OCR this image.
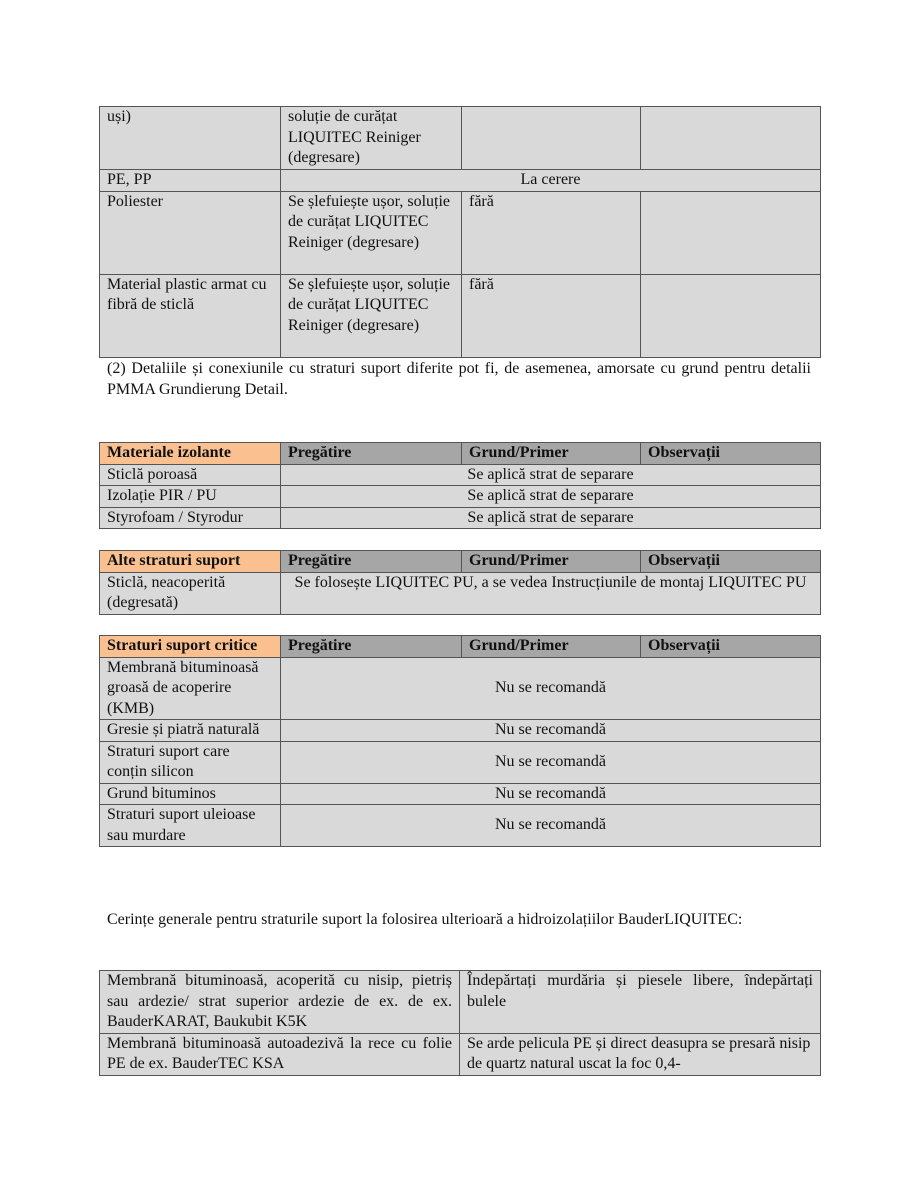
uși)	soluție de curățat LIQUITEC Reiniger (degresare)		
PE, PP	La cerere		
Poliester	Se șlefuiește ușor, soluție de curățat LIQUITEC Reiniger (degresare)	fără	
Material plastic armat cu fibră de sticlă	Se șlefuiește ușor, soluție de curățat LIQUITEC Reiniger (degresare)	fără	
(2) Detaliile și conexiunile cu straturi suport diferite pot fi, de asemenea, amorsate cu grund pentru detalii PMMA Grundierung Detail.
Materiale izolante	Pregătire	Grund/Primer	Observații
Sticlă poroasă	Se aplică strat de separare		
Izolație PIR / PU	Se aplică strat de separare		
Styrofoam / Styrodur	Se aplică strat de separare		
Alte straturi suport	Pregătire	Grund/Primer	Observații
Sticlă, neacoperită (degresată)	Se folosește LIQUITEC PU, a se vedea Instrucțiunile de montaj LIQUITEC PU		
Straturi suport critice	Pregătire	Grund/Primer	Observații
Membrană bituminoasă groasă de acoperire (KMB)	Nu se recomandă		
Gresie și piatră naturală	Nu se recomandă		
Straturi suport care conțin silicon	Nu se recomandă		
Grund bituminos	Nu se recomandă		
Straturi suport uleioase sau murdare	Nu se recomandă		
Cerințe generale pentru straturile suport la folosirea ulterioară a hidroizolațiilor BauderLIQUITEC:
Membrană bituminoasă, acoperită cu nisip, pietriș sau ardezie/ strat superior ardezie de ex. de ex. BauderKARAT, Baukubit K5K	Îndepărtați murdăria și piesele libere, îndepărtați bulele
Membrană bituminoasă autoadezivă la rece cu folie PE de ex. BauderTEC KSA	Se arde pelicula PE și direct deasupra se presară nisip de quartz natural uscat la foc 0,4-
